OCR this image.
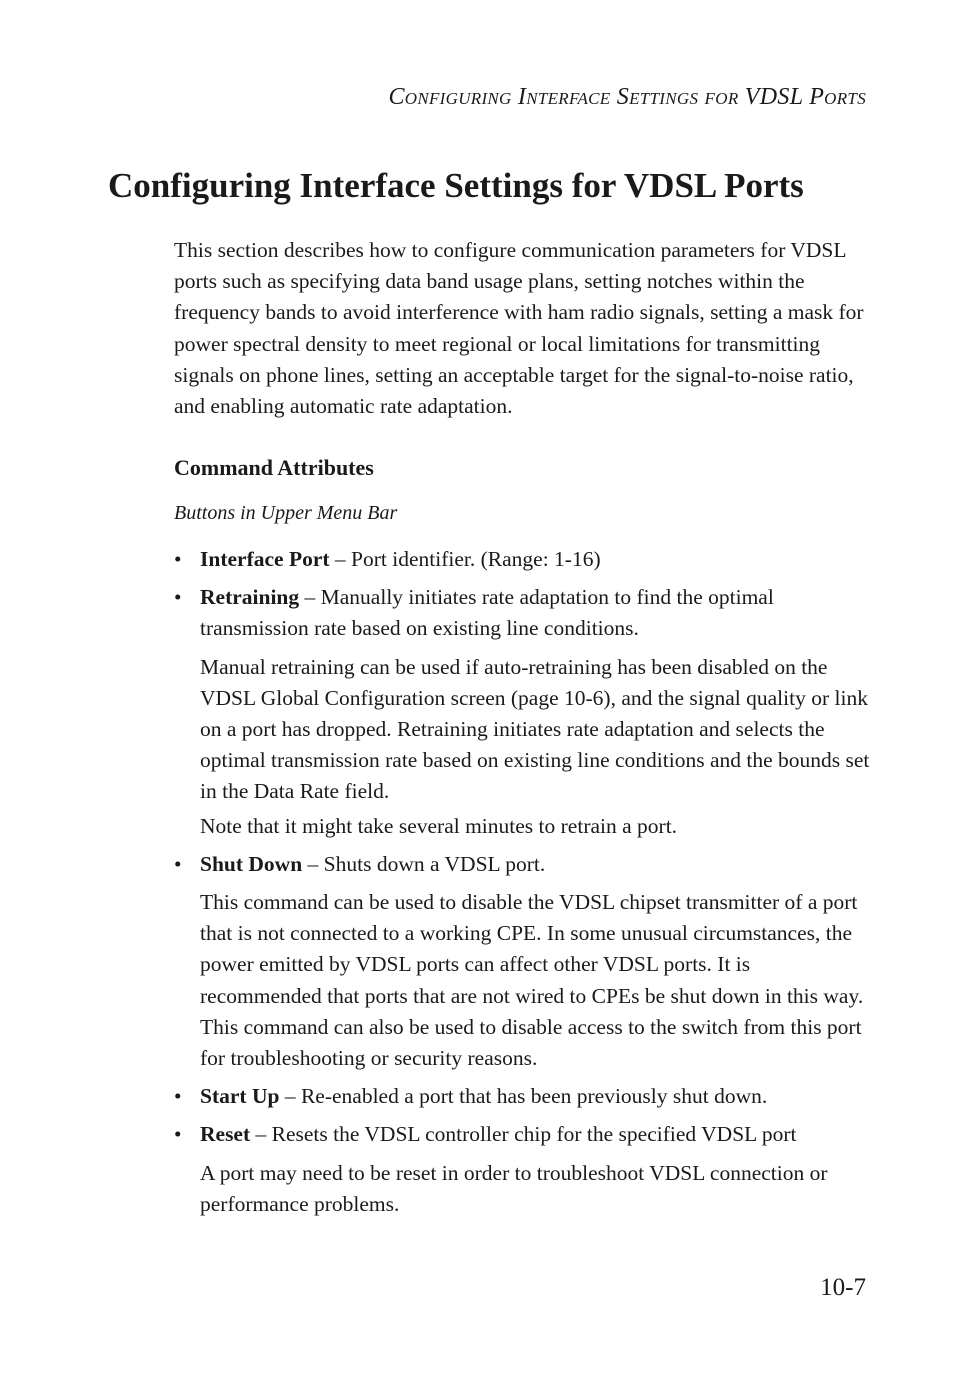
Configuring Interface Settings for VDSL Ports
Configuring Interface Settings for VDSL Ports

This section describes how to configure communication parameters for VDSL ports such as specifying data band usage plans, setting notches within the frequency bands to avoid interference with ham radio signals, setting a mask for power spectral density to meet regional or local limitations for transmitting signals on phone lines, setting an acceptable target for the signal-to-noise ratio, and enabling automatic rate adaptation.

Command Attributes

Buttons in Upper Menu Bar

• Interface Port – Port identifier. (Range: 1-16)

• Retraining – Manually initiates rate adaptation to find the optimal transmission rate based on existing line conditions.

Manual retraining can be used if auto-retraining has been disabled on the VDSL Global Configuration screen (page 10-6), and the signal quality or link on a port has dropped. Retraining initiates rate adaptation and selects the optimal transmission rate based on existing line conditions and the bounds set in the Data Rate field.

Note that it might take several minutes to retrain a port.

• Shut Down – Shuts down a VDSL port.

This command can be used to disable the VDSL chipset transmitter of a port that is not connected to a working CPE. In some unusual circumstances, the power emitted by VDSL ports can affect other VDSL ports. It is recommended that ports that are not wired to CPEs be shut down in this way. This command can also be used to disable access to the switch from this port for troubleshooting or security reasons.

• Start Up – Re-enabled a port that has been previously shut down.

• Reset – Resets the VDSL controller chip for the specified VDSL port

A port may need to be reset in order to troubleshoot VDSL connection or performance problems.

10-7
